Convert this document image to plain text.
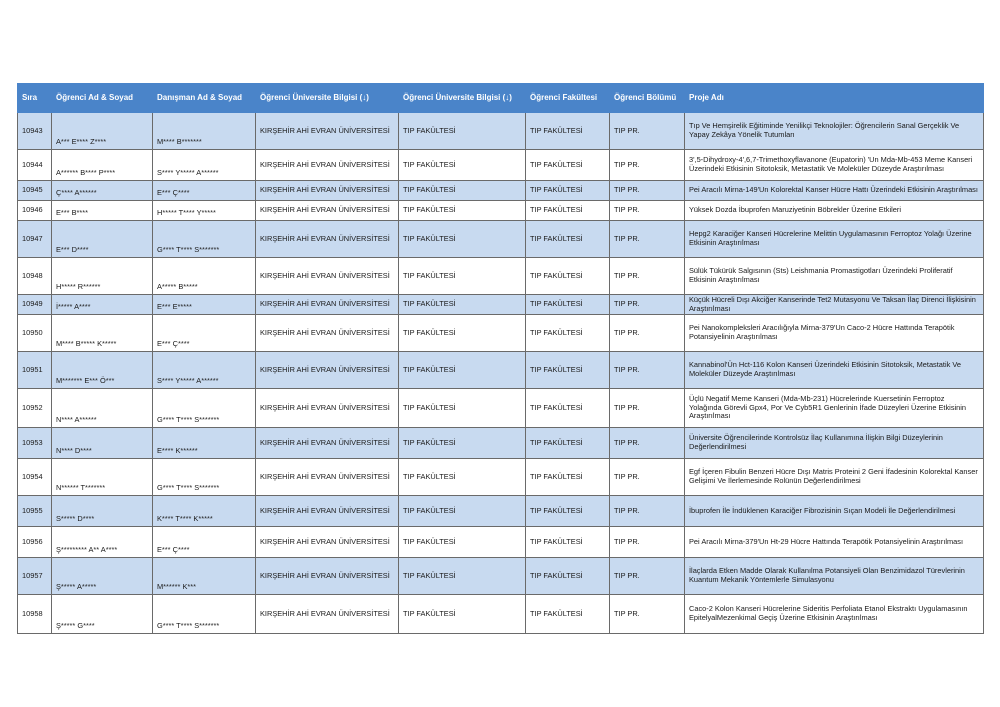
Sıra	Öğrenci Ad & Soyad	Danışman Ad & Soyad	Öğrenci Üniversite Bilgisi (↓)	Öğrenci Üniversite Bilgisi (↓)	Öğrenci Fakültesi	Öğrenci Bölümü	Proje Adı
10943	A*** E**** Z****	M**** B*******	KIRŞEHİR AHİ EVRAN ÜNİVERSİTESİ	TIP FAKÜLTESİ	TIP FAKÜLTESİ	TIP PR.	Tıp Ve Hemşirelik Eğitiminde Yenilikçi Teknolojiler: Öğrencilerin Sanal Gerçeklik Ve Yapay Zekâya Yönelik Tutumları
10944	A****** B**** P****	S**** Y***** A******	KIRŞEHİR AHİ EVRAN ÜNİVERSİTESİ	TIP FAKÜLTESİ	TIP FAKÜLTESİ	TIP PR.	3',5-Dihydroxy-4',6,7-Trimethoxyflavanone (Eupatorin) 'Un Mda-Mb-453 Meme Kanseri Üzerindeki Etkisinin Sitotoksik, Metastatik Ve Moleküler Düzeyde Araştırılması
10945	Ç**** A******	E*** Ç****	KIRŞEHİR AHİ EVRAN ÜNİVERSİTESİ	TIP FAKÜLTESİ	TIP FAKÜLTESİ	TIP PR.	Pei Aracılı Mirna-149'Un Kolorektal Kanser Hücre Hattı Üzerindeki Etkisinin Araştırılması
10946	E*** B****	H***** T**** Y*****	KIRŞEHİR AHİ EVRAN ÜNİVERSİTESİ	TIP FAKÜLTESİ	TIP FAKÜLTESİ	TIP PR.	Yüksek Dozda İbuprofen Maruziyetinin Böbrekler Üzerine Etkileri
10947	E*** D****	G**** T**** S*******	KIRŞEHİR AHİ EVRAN ÜNİVERSİTESİ	TIP FAKÜLTESİ	TIP FAKÜLTESİ	TIP PR.	Hepg2 Karaciğer Kanseri Hücrelerine Melittin Uygulamasının Ferroptoz Yolağı Üzerine Etkisinin Araştırılması
10948	H***** R******	A***** B*****	KIRŞEHİR AHİ EVRAN ÜNİVERSİTESİ	TIP FAKÜLTESİ	TIP FAKÜLTESİ	TIP PR.	Sülük Tükürük Salgısının (Sts) Leishmania Promastigotları Üzerindeki Proliferatif Etkisinin Araştırılması
10949	İ***** A****	E*** E*****	KIRŞEHİR AHİ EVRAN ÜNİVERSİTESİ	TIP FAKÜLTESİ	TIP FAKÜLTESİ	TIP PR.	Küçük Hücreli Dışı Akciğer Kanserinde Tet2 Mutasyonu Ve Taksan İlaç Direnci İlişkisinin Araştırılması
10950	M**** B***** K*****	E*** Ç****	KIRŞEHİR AHİ EVRAN ÜNİVERSİTESİ	TIP FAKÜLTESİ	TIP FAKÜLTESİ	TIP PR.	Pei Nanokompleksleri Aracılığıyla Mirna-379'Un Caco-2 Hücre Hattında Terapötik Potansiyelinin Araştırılması
10951	M******* E*** Ö***	S**** Y***** A******	KIRŞEHİR AHİ EVRAN ÜNİVERSİTESİ	TIP FAKÜLTESİ	TIP FAKÜLTESİ	TIP PR.	Kannabinol'Ün Hct-116 Kolon Kanseri Üzerindeki Etkisinin Sitotoksik, Metastatik Ve Moleküler Düzeyde Araştırılması
10952	N**** A******	G**** T**** S*******	KIRŞEHİR AHİ EVRAN ÜNİVERSİTESİ	TIP FAKÜLTESİ	TIP FAKÜLTESİ	TIP PR.	Üçlü Negatif Meme Kanseri (Mda-Mb-231) Hücrelerinde Kuersetinin Ferroptoz Yolağında Görevli Gpx4, Por Ve Cyb5R1 Genlerinin İfade Düzeyleri Üzerine Etkisinin Araştırılması
10953	N**** D****	E**** K******	KIRŞEHİR AHİ EVRAN ÜNİVERSİTESİ	TIP FAKÜLTESİ	TIP FAKÜLTESİ	TIP PR.	Üniversite Öğrencilerinde Kontrolsüz İlaç Kullanımına İlişkin Bilgi Düzeylerinin Değerlendirilmesi
10954	N****** T*******	G**** T**** S*******	KIRŞEHİR AHİ EVRAN ÜNİVERSİTESİ	TIP FAKÜLTESİ	TIP FAKÜLTESİ	TIP PR.	Egf İçeren Fibulin Benzeri Hücre Dışı Matris Proteini 2 Geni İfadesinin Kolorektal Kanser Gelişimi Ve İlerlemesinde Rolünün Değerlendirilmesi
10955	S***** D****	K**** T**** K*****	KIRŞEHİR AHİ EVRAN ÜNİVERSİTESİ	TIP FAKÜLTESİ	TIP FAKÜLTESİ	TIP PR.	İbuprofen İle İndüklenen Karaciğer Fibrozisinin Sıçan Modeli İle Değerlendirilmesi
10956	Ş********* A** A****	E*** Ç****	KIRŞEHİR AHİ EVRAN ÜNİVERSİTESİ	TIP FAKÜLTESİ	TIP FAKÜLTESİ	TIP PR.	Pei Aracılı Mirna-379'Un Ht-29 Hücre Hattında Terapötik Potansiyelinin Araştırılması
10957	Ş***** A*****	M****** K***	KIRŞEHİR AHİ EVRAN ÜNİVERSİTESİ	TIP FAKÜLTESİ	TIP FAKÜLTESİ	TIP PR.	İlaçlarda Etken Madde Olarak Kullanılma Potansiyeli Olan Benzimidazol Türevlerinin Kuantum Mekanik Yöntemlerle Simulasyonu
10958	Ş***** G****	G**** T**** S*******	KIRŞEHİR AHİ EVRAN ÜNİVERSİTESİ	TIP FAKÜLTESİ	TIP FAKÜLTESİ	TIP PR.	Caco-2 Kolon Kanseri Hücrelerine Sideritis Perfoliata Etanol Ekstraktı Uygulamasının EpitelyalMezenkimal Geçiş Üzerine Etkisinin Araştırılması
